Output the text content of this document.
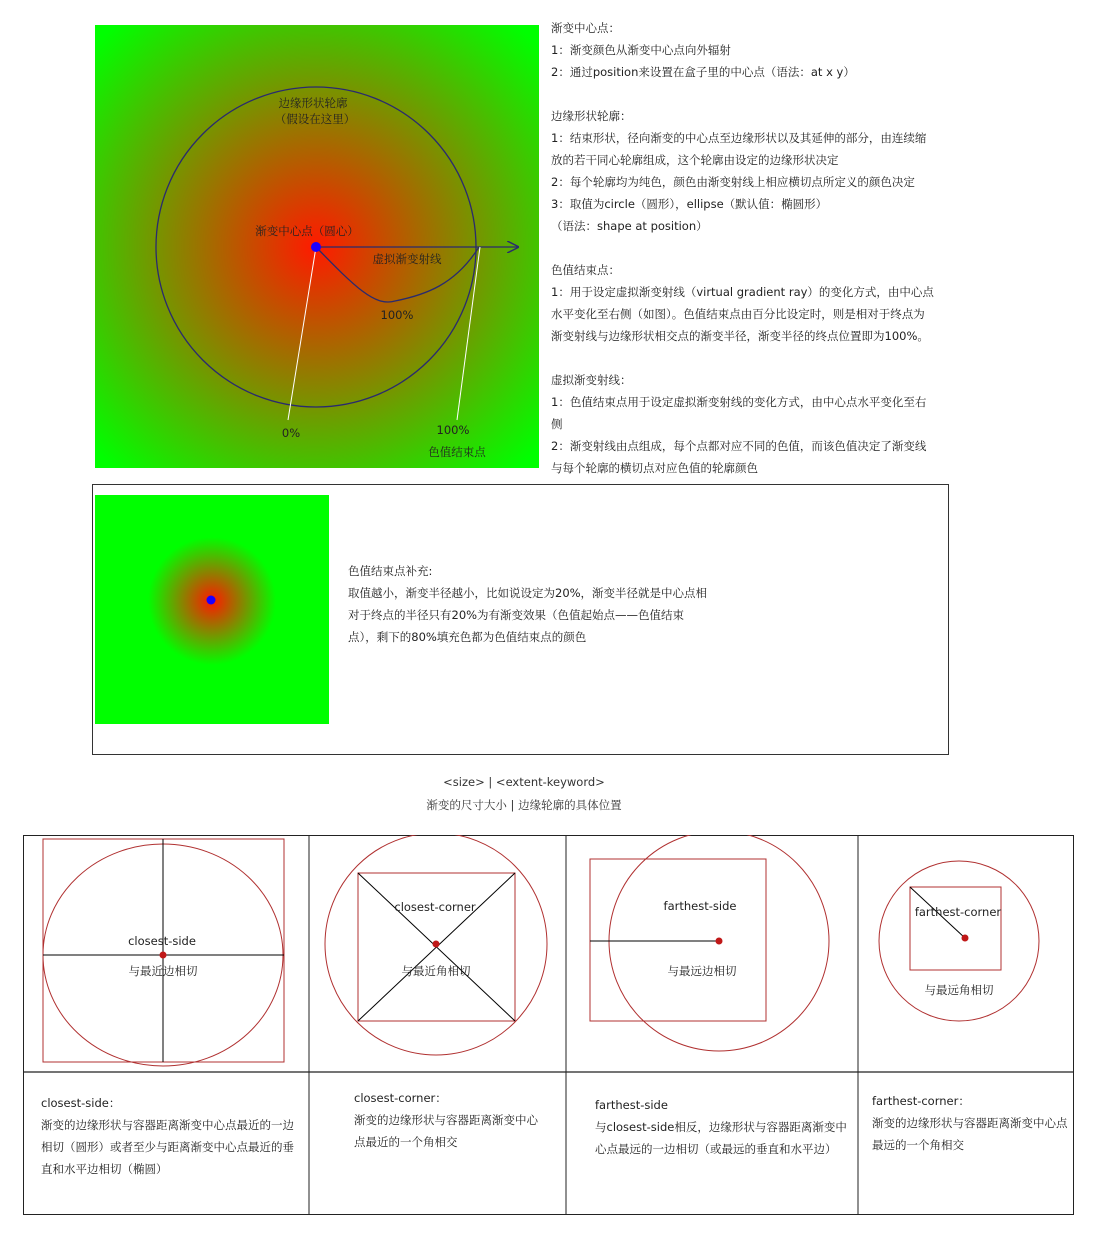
边缘形状轮廓
（假设在这里）
渐变中心点（圆心）
虚拟渐变射线
100%
0%	100%
色值结束点
渐变中心点：
1：渐变颜色从渐变中心点向外辐射
2：通过position来设置在盒子里的中心点（语法：at x y）
边缘形状轮廓：
1：结束形状，径向渐变的中心点至边缘形状以及其延伸的部分，由连续缩
放的若干同心轮廓组成，这个轮廓由设定的边缘形状决定
2：每个轮廓均为纯色，颜色由渐变射线上相应横切点所定义的颜色决定
3：取值为circle（圆形），ellipse（默认值：椭圆形）
（语法：shape at position）
色值结束点：
1：用于设定虚拟渐变射线（virtual gradient ray）的变化方式，由中心点
水平变化至右侧（如图）。色值结束点由百分比设定时，则是相对于终点为
渐变射线与边缘形状相交点的渐变半径，渐变半径的终点位置即为100%。
虚拟渐变射线：
1：色值结束点用于设定虚拟渐变射线的变化方式，由中心点水平变化至右
侧
2：渐变射线由点组成，每个点都对应不同的色值，而该色值决定了渐变线
与每个轮廓的横切点对应色值的轮廓颜色
色值结束点补充:
取值越小，渐变半径越小，比如说设定为20%，渐变半径就是中心点相
对于终点的半径只有20%为有渐变效果（色值起始点——色值结束
点），剩下的80%填充色都为色值结束点的颜色
<size> | <extent-keyword>
渐变的尺寸大小 | 边缘轮廓的具体位置
closest-side
与最近边相切
closest-corner
与最近角相切
farthest-side
与最远边相切
farthest-corner
与最远角相切
closest-side：
渐变的边缘形状与容器距离渐变中心点最近的一边
相切（圆形）或者至少与距离渐变中心点最近的垂
直和水平边相切（椭圆）
closest-corner：
渐变的边缘形状与容器距离渐变中心
点最近的一个角相交
farthest-side
与closest-side相反，边缘形状与容器距离渐变中
心点最远的一边相切（或最远的垂直和水平边）
farthest-corner：
渐变的边缘形状与容器距离渐变中心点
最远的一个角相交
